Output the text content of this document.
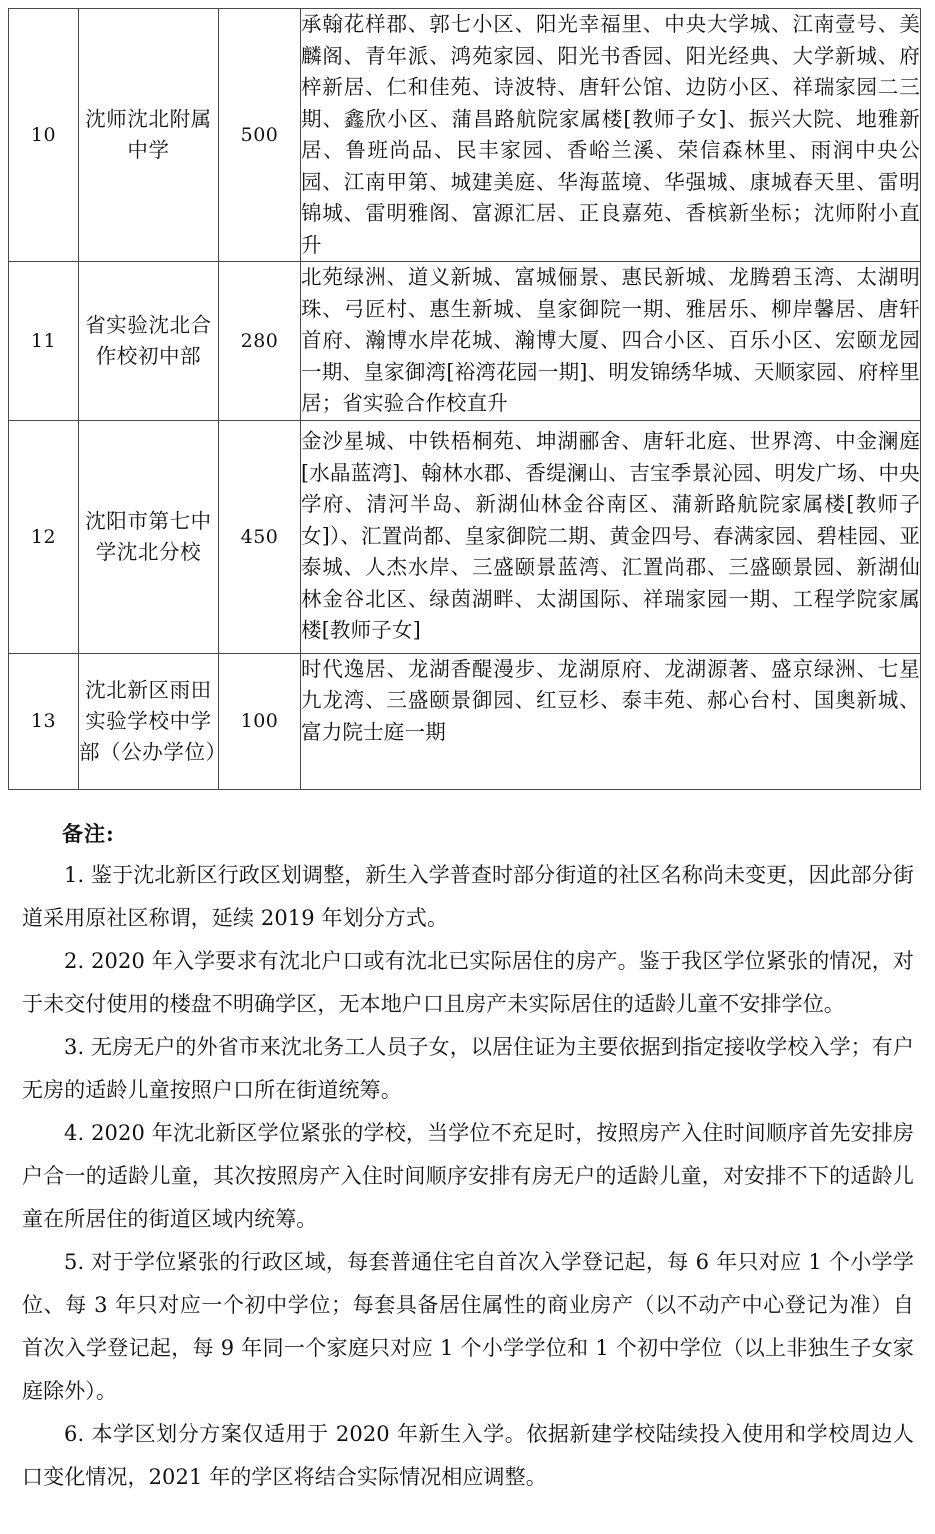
10	沈师沈北附属中学	500	承翰花样郡、郭七小区、阳光幸福里、中央大学城、江南壹号、美麟阁、青年派、鸿苑家园、阳光书香园、阳光经典、大学新城、府梓新居、仁和佳苑、诗波特、唐轩公馆、边防小区、祥瑞家园二三期、鑫欣小区、蒲昌路航院家属楼[教师子女]、振兴大院、地雅新居、鲁班尚品、民丰家园、香峪兰溪、荣信森林里、雨润中央公园、江南甲第、城建美庭、华海蓝境、华强城、康城春天里、雷明锦城、雷明雅阁、富源汇居、正良嘉苑、香槟新坐标；沈师附小直升
11	省实验沈北合作校初中部	280	北苑绿洲、道义新城、富城俪景、惠民新城、龙腾碧玉湾、太湖明珠、弓匠村、惠生新城、皇家御院一期、雅居乐、柳岸馨居、唐轩首府、瀚博水岸花城、瀚博大厦、四合小区、百乐小区、宏颐龙园一期、皇家御湾[裕湾花园一期]、明发锦绣华城、天顺家园、府梓里居；省实验合作校直升
12	沈阳市第七中学沈北分校	450	金沙星城、中铁梧桐苑、坤湖郦舍、唐轩北庭、世界湾、中金澜庭[水晶蓝湾]、翰林水郡、香缇澜山、吉宝季景沁园、明发广场、中央学府、清河半岛、新湖仙林金谷南区、蒲新路航院家属楼[教师子女]）、汇置尚都、皇家御院二期、黄金四号、春满家园、碧桂园、亚泰城、人杰水岸、三盛颐景蓝湾、汇置尚郡、三盛颐景园、新湖仙林金谷北区、绿茵湖畔、太湖国际、祥瑞家园一期、工程学院家属楼[教师子女]
13	沈北新区雨田实验学校中学部（公办学位）	100	时代逸居、龙湖香醍漫步、龙湖原府、龙湖源著、盛京绿洲、七星九龙湾、三盛颐景御园、红豆杉、泰丰苑、郝心台村、国奥新城、富力院士庭一期
备注:

1. 鉴于沈北新区行政区划调整，新生入学普查时部分街道的社区名称尚未变更，因此部分街道采用原社区称谓，延续 2019 年划分方式。

2. 2020 年入学要求有沈北户口或有沈北已实际居住的房产。鉴于我区学位紧张的情况，对于未交付使用的楼盘不明确学区，无本地户口且房产未实际居住的适龄儿童不安排学位。

3. 无房无户的外省市来沈北务工人员子女，以居住证为主要依据到指定接收学校入学；有户无房的适龄儿童按照户口所在街道统筹。

4. 2020 年沈北新区学位紧张的学校，当学位不充足时，按照房产入住时间顺序首先安排房户合一的适龄儿童，其次按照房产入住时间顺序安排有房无户的适龄儿童，对安排不下的适龄儿童在所居住的街道区域内统筹。

5. 对于学位紧张的行政区域，每套普通住宅自首次入学登记起，每 6 年只对应 1 个小学学位、每 3 年只对应一个初中学位；每套具备居住属性的商业房产（以不动产中心登记为准）自首次入学登记起，每 9 年同一个家庭只对应 1 个小学学位和 1 个初中学位（以上非独生子女家庭除外）。

6. 本学区划分方案仅适用于 2020 年新生入学。依据新建学校陆续投入使用和学校周边人口变化情况，2021 年的学区将结合实际情况相应调整。
